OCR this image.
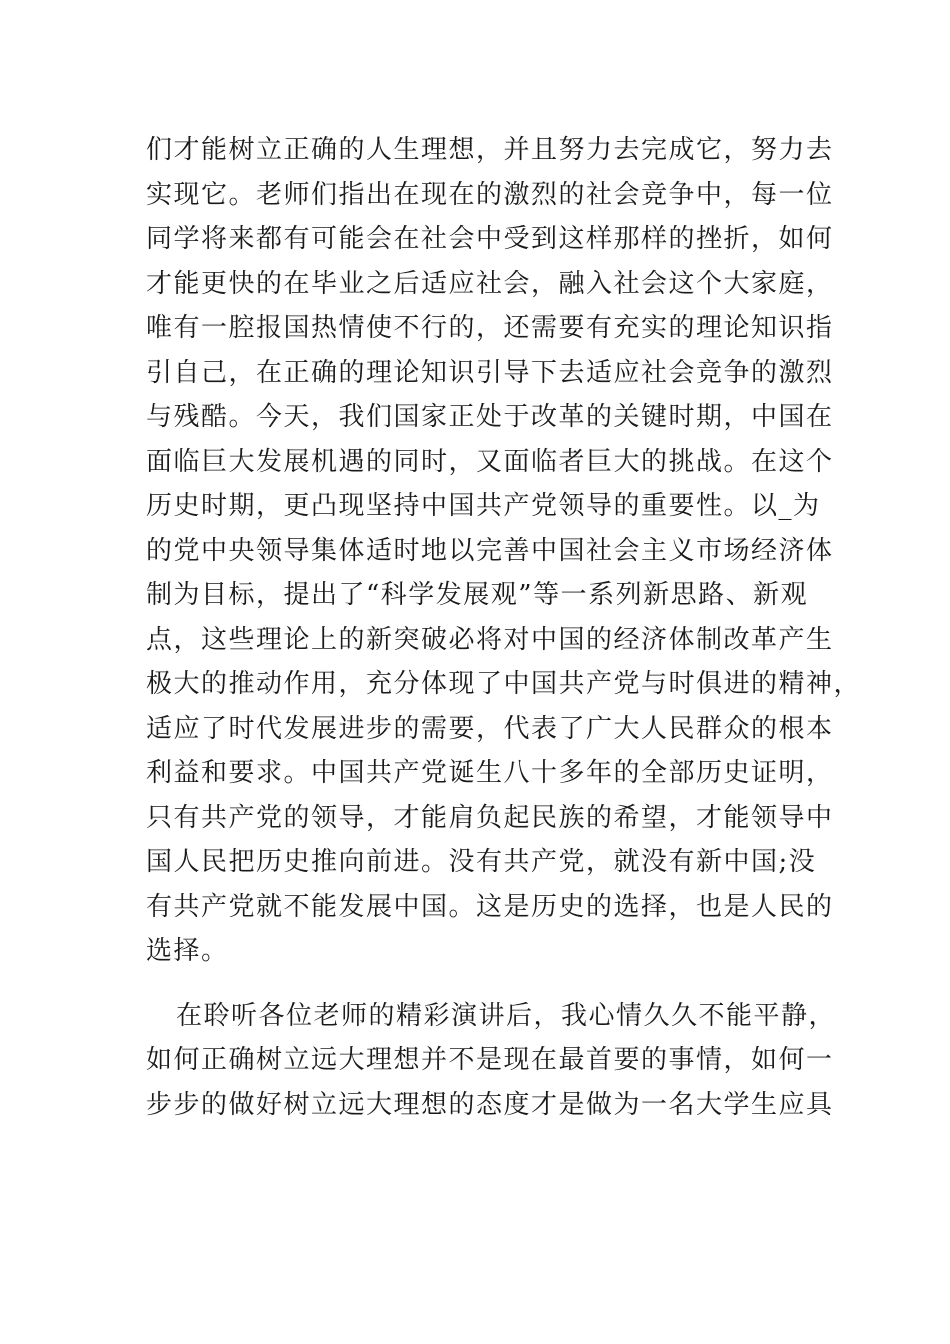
们才能树立正确的人生理想，并且努力去完成它，努力去
实现它。老师们指出在现在的激烈的社会竞争中，每一位
同学将来都有可能会在社会中受到这样那样的挫折，如何
才能更快的在毕业之后适应社会，融入社会这个大家庭，
唯有一腔报国热情使不行的，还需要有充实的理论知识指
引自己，在正确的理论知识引导下去适应社会竞争的激烈
与残酷。今天，我们国家正处于改革的关键时期，中国在
面临巨大发展机遇的同时，又面临者巨大的挑战。在这个
历史时期，更凸现坚持中国共产党领导的重要性。以_为
的党中央领导集体适时地以完善中国社会主义市场经济体
制为目标，提出了“科学发展观”等一系列新思路、新观
点，这些理论上的新突破必将对中国的经济体制改革产生
极大的推动作用，充分体现了中国共产党与时俱进的精神，
适应了时代发展进步的需要，代表了广大人民群众的根本
利益和要求。中国共产党诞生八十多年的全部历史证明，
只有共产党的领导，才能肩负起民族的希望，才能领导中
国人民把历史推向前进。没有共产党，就没有新中国;没
有共产党就不能发展中国。这是历史的选择，也是人民的
选择。
在聆听各位老师的精彩演讲后，我心情久久不能平静，
如何正确树立远大理想并不是现在最首要的事情，如何一
步步的做好树立远大理想的态度才是做为一名大学生应具
